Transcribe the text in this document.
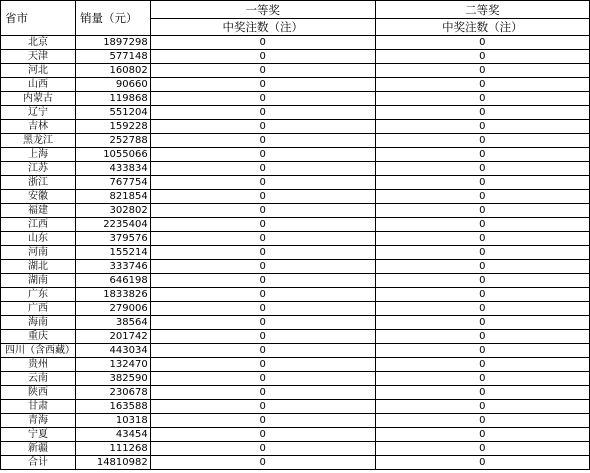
省市	销量（元）	一等奖	二等奖
		中奖注数（注）	中奖注数（注）
北京	1897298	0	0
天津	577148	0	0
河北	160802	0	0
山西	90660	0	0
内蒙古	119868	0	0
辽宁	551204	0	0
吉林	159228	0	0
黑龙江	252788	0	0
上海	1055066	0	0
江苏	433834	0	0
浙江	767754	0	0
安徽	821854	0	0
福建	302802	0	0
江西	2235404	0	0
山东	379576	0	0
河南	155214	0	0
湖北	333746	0	0
湖南	646198	0	0
广东	1833826	0	0
广西	279006	0	0
海南	38564	0	0
重庆	201742	0	0
四川（含西藏）	443034	0	0
贵州	132470	0	0
云南	382590	0	0
陕西	230678	0	0
甘肃	163588	0	0
青海	10318	0	0
宁夏	43454	0	0
新疆	111268	0	0
合计	14810982	0	0
